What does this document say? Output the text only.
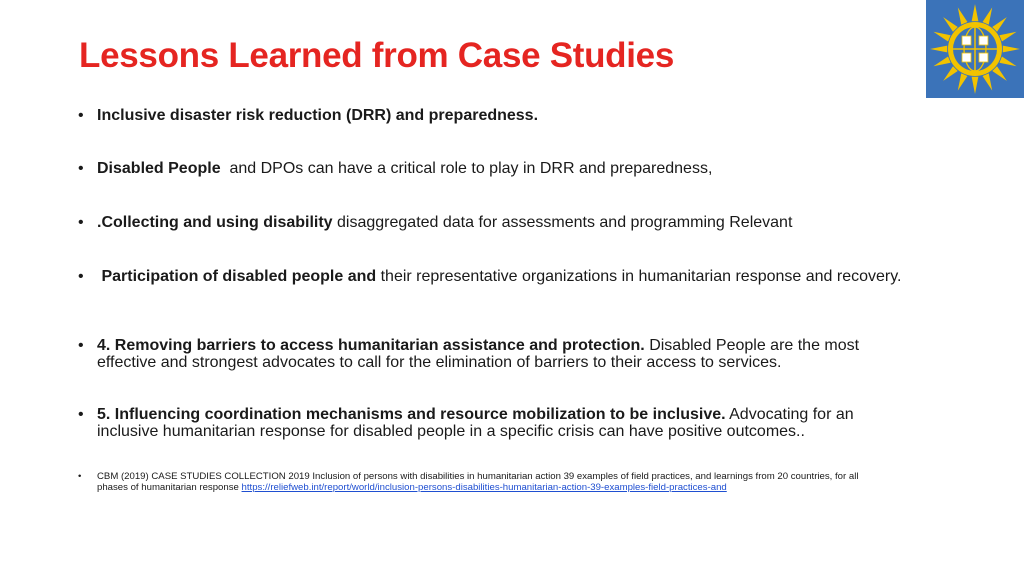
Lessons Learned from Case Studies
• Inclusive disaster risk reduction (DRR) and preparedness.
• Disabled People  and DPOs can have a critical role to play in DRR and preparedness,
• .Collecting and using disability disaggregated data for assessments and programming Relevant
• Participation of disabled people and their representative organizations in humanitarian response and recovery.
• 4. Removing barriers to access humanitarian assistance and protection. Disabled People are the most effective and strongest advocates to call for the elimination of barriers to their access to services.
• 5. Influencing coordination mechanisms and resource mobilization to be inclusive. Advocating for an inclusive humanitarian response for disabled people in a specific crisis can have positive outcomes..
• CBM (2019) CASE STUDIES COLLECTION 2019 Inclusion of persons with disabilities in humanitarian action 39 examples of field practices, and learnings from 20 countries, for all
phases of humanitarian response https://reliefweb.int/report/world/inclusion-persons-disabilities-humanitarian-action-39-examples-field-practices-and
